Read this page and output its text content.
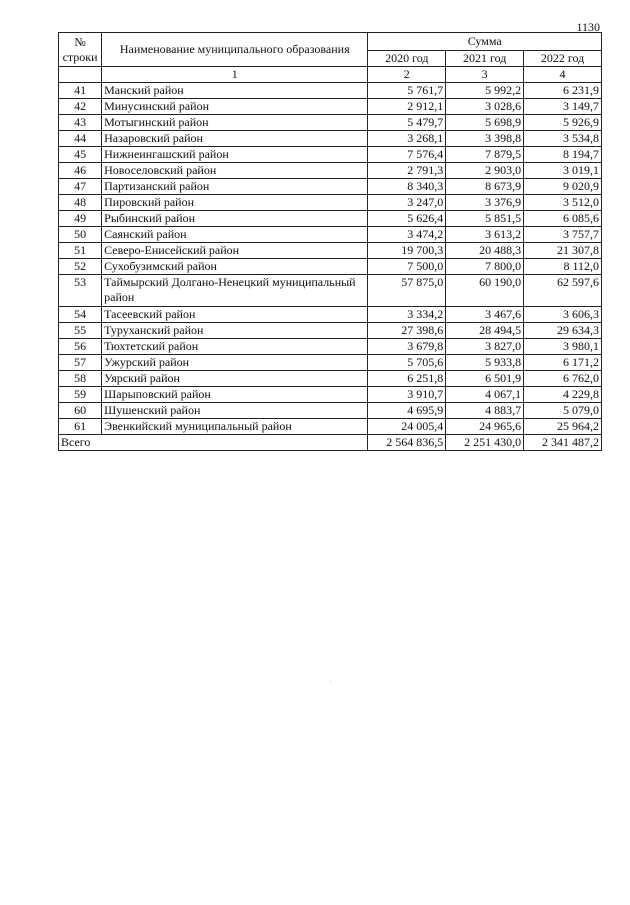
1130
№ строки	Наименование муниципального образования	Сумма		
		2020 год	2021 год	2022 год
	1	2	3	4
41	Манский район	5 761,7	5 992,2	6 231,9
42	Минусинский район	2 912,1	3 028,6	3 149,7
43	Мотыгинский район	5 479,7	5 698,9	5 926,9
44	Назаровский район	3 268,1	3 398,8	3 534,8
45	Нижнеингашский район	7 576,4	7 879,5	8 194,7
46	Новоселовский район	2 791,3	2 903,0	3 019,1
47	Партизанский район	8 340,3	8 673,9	9 020,9
48	Пировский район	3 247,0	3 376,9	3 512,0
49	Рыбинский район	5 626,4	5 851,5	6 085,6
50	Саянский район	3 474,2	3 613,2	3 757,7
51	Северо-Енисейский район	19 700,3	20 488,3	21 307,8
52	Сухобузимский район	7 500,0	7 800,0	8 112,0
53	Таймырский Долгано-Ненецкий муниципальный район	57 875,0	60 190,0	62 597,6
54	Тасеевский район	3 334,2	3 467,6	3 606,3
55	Туруханский район	27 398,6	28 494,5	29 634,3
56	Тюхтетский район	3 679,8	3 827,0	3 980,1
57	Ужурский район	5 705,6	5 933,8	6 171,2
58	Уярский район	6 251,8	6 501,9	6 762,0
59	Шарыповский район	3 910,7	4 067,1	4 229,8
60	Шушенский район	4 695,9	4 883,7	5 079,0
61	Эвенкийский муниципальный район	24 005,4	24 965,6	25 964,2
Всего		2 564 836,5	2 251 430,0	2 341 487,2
